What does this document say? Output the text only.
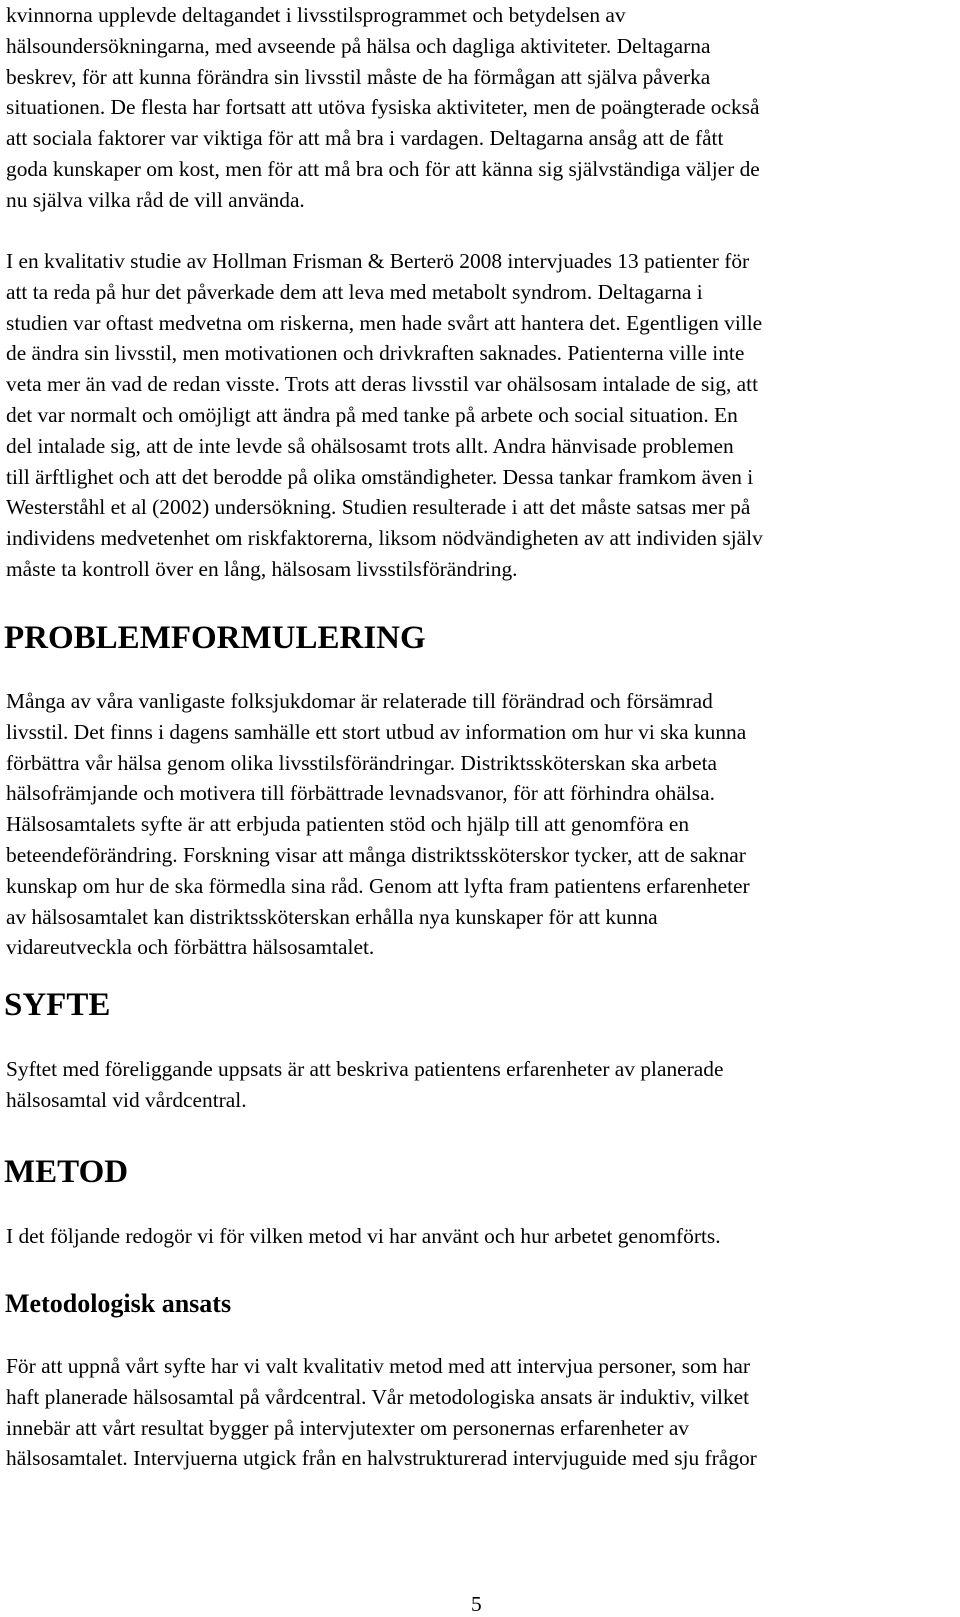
kvinnorna upplevde deltagandet i livsstilsprogrammet och betydelsen av
hälsoundersökningarna, med avseende på hälsa och dagliga aktiviteter. Deltagarna
beskrev, för att kunna förändra sin livsstil måste de ha förmågan att själva påverka
situationen. De flesta har fortsatt att utöva fysiska aktiviteter, men de poängterade också
att sociala faktorer var viktiga för att må bra i vardagen. Deltagarna ansåg att de fått
goda kunskaper om kost, men för att må bra och för att känna sig självständiga väljer de
nu själva vilka råd de vill använda.

I en kvalitativ studie av Hollman Frisman & Berterö 2008 intervjuades 13 patienter för
att ta reda på hur det påverkade dem att leva med metabolt syndrom. Deltagarna i
studien var oftast medvetna om riskerna, men hade svårt att hantera det. Egentligen ville
de ändra sin livsstil, men motivationen och drivkraften saknades. Patienterna ville inte
veta mer än vad de redan visste. Trots att deras livsstil var ohälsosam intalade de sig, att
det var normalt och omöjligt att ändra på med tanke på arbete och social situation. En
del intalade sig, att de inte levde så ohälsosamt trots allt. Andra hänvisade problemen
till ärftlighet och att det berodde på olika omständigheter. Dessa tankar framkom även i
Westerståhl et al (2002) undersökning. Studien resulterade i att det måste satsas mer på
individens medvetenhet om riskfaktorerna, liksom nödvändigheten av att individen själv
måste ta kontroll över en lång, hälsosam livsstilsförändring.

PROBLEMFORMULERING

Många av våra vanligaste folksjukdomar är relaterade till förändrad och försämrad
livsstil. Det finns i dagens samhälle ett stort utbud av information om hur vi ska kunna
förbättra vår hälsa genom olika livsstilsförändringar. Distriktssköterskan ska arbeta
hälsofrämjande och motivera till förbättrade levnadsvanor, för att förhindra ohälsa.
Hälsosamtalets syfte är att erbjuda patienten stöd och hjälp till att genomföra en
beteendeförändring. Forskning visar att många distriktssköterskor tycker, att de saknar
kunskap om hur de ska förmedla sina råd. Genom att lyfta fram patientens erfarenheter
av hälsosamtalet kan distriktssköterskan erhålla nya kunskaper för att kunna
vidareutveckla och förbättra hälsosamtalet.

SYFTE

Syftet med föreliggande uppsats är att beskriva patientens erfarenheter av planerade
hälsosamtal vid vårdcentral.

METOD

I det följande redogör vi för vilken metod vi har använt och hur arbetet genomförts.

Metodologisk ansats

För att uppnå vårt syfte har vi valt kvalitativ metod med att intervjua personer, som har
haft planerade hälsosamtal på vårdcentral. Vår metodologiska ansats är induktiv, vilket
innebär att vårt resultat bygger på intervjutexter om personernas erfarenheter av
hälsosamtalet. Intervjuerna utgick från en halvstrukturerad intervjuguide med sju frågor

5
